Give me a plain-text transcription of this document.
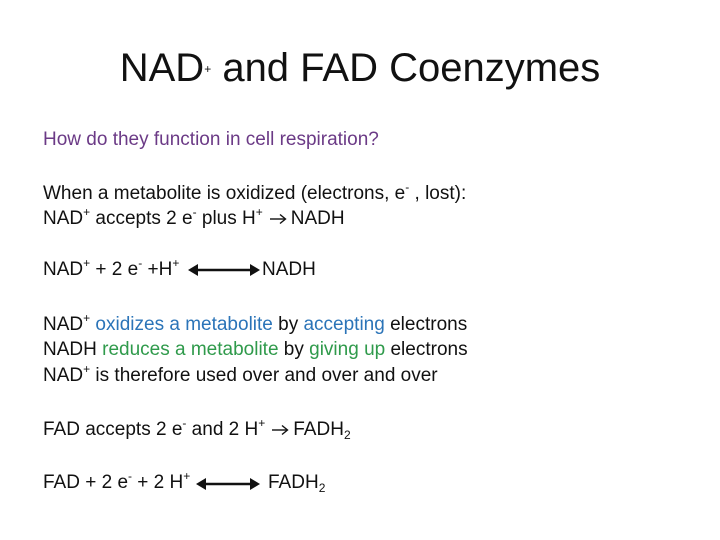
NAD+ and FAD Coenzymes
How do they function in cell respiration?
When a metabolite is oxidized (electrons, e- , lost):
NAD+ accepts 2 e- plus H+ NADH
NAD+ + 2 e- +H+	NADH
NAD+ oxidizes a metabolite by accepting electrons
NADH reduces a metabolite by giving up electrons
NAD+ is therefore used over and over and over
FAD accepts 2 e- and 2 H+ $FADH_2$
FAD + 2 e- + 2 H+	$FADH_2$
